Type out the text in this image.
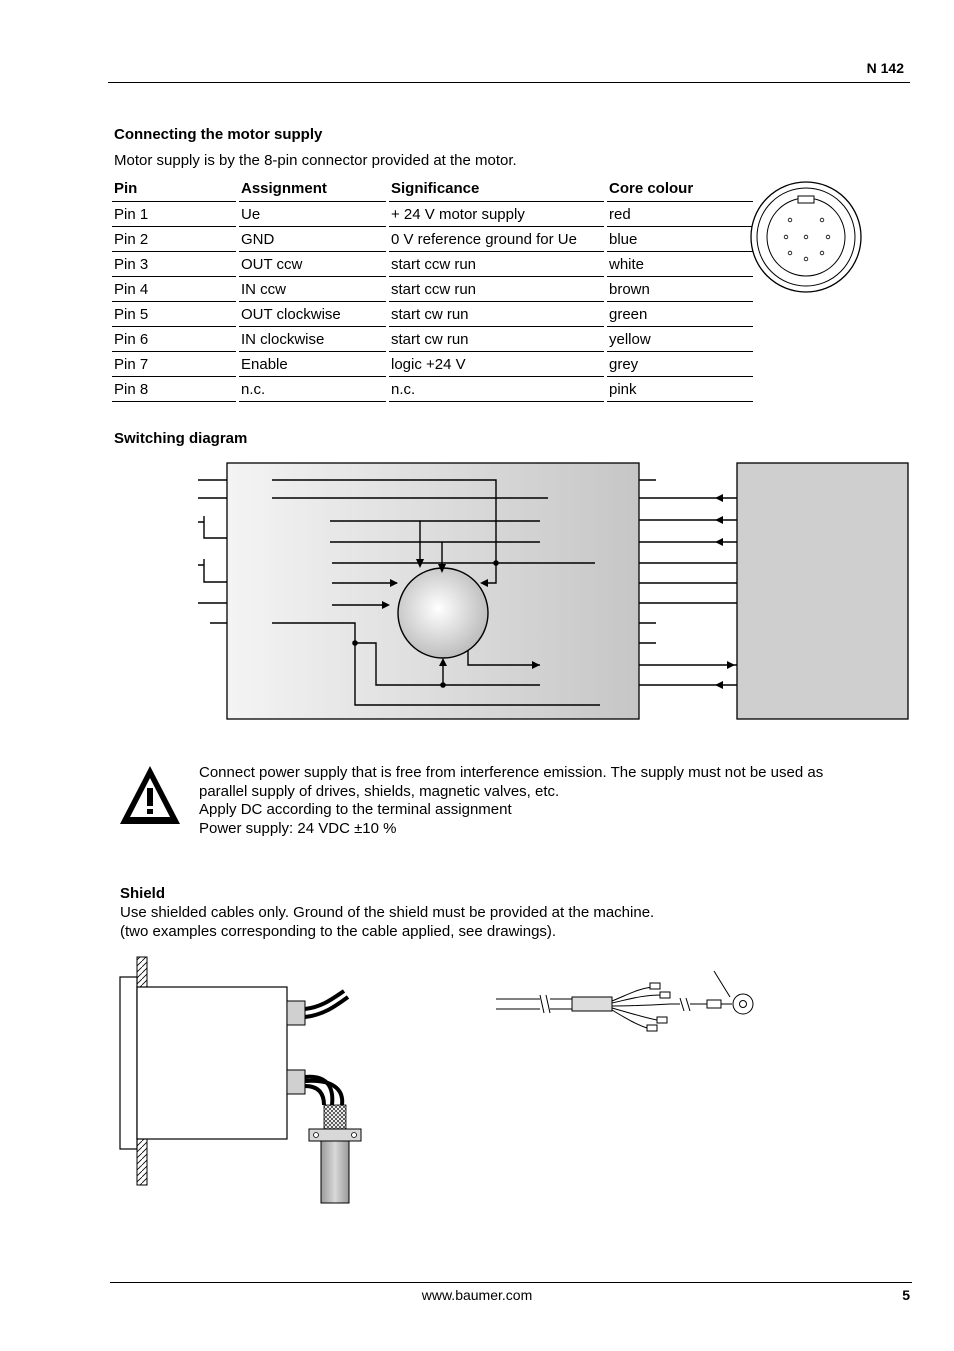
N 142
Connecting the motor supply
Motor supply is by the 8-pin connector provided at the motor.
Pin	Assignment	Significance	Core colour
Pin 1	Ue	+ 24 V motor supply	red
Pin 2	GND	0 V reference ground for Ue	blue
Pin 3	OUT ccw	start ccw run	white
Pin 4	IN ccw	start ccw run	brown
Pin 5	OUT clockwise	start cw run	green
Pin 6	IN clockwise	start cw run	yellow
Pin 7	Enable	logic +24 V	grey
Pin 8	n.c.	n.c.	pink
Switching diagram
Connect power supply that is free from interference emission. The supply must not be used as
parallel supply of drives, shields, magnetic valves, etc.
Apply DC according to the terminal assignment
Power supply: 24 VDC ±10 %
Shield
Use shielded cables only. Ground of the shield must be provided at the machine.
(two examples corresponding to the cable applied, see drawings).
www.baumer.com	5
